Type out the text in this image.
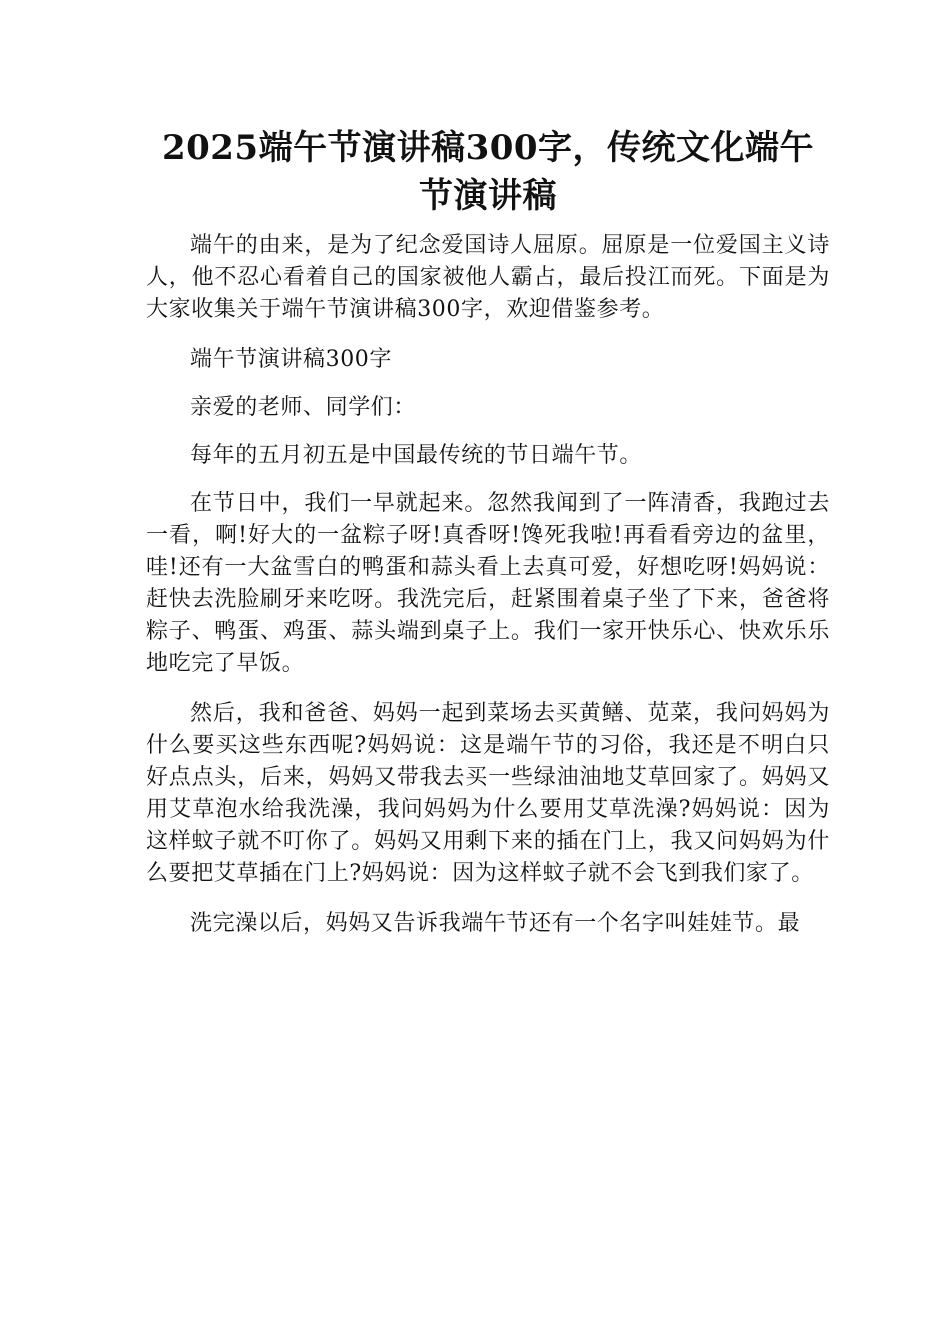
2025端午节演讲稿300字，传统文化端午
节演讲稿

端午的由来，是为了纪念爱国诗人屈原。屈原是一位爱国主义诗人，他不忍心看着自己的国家被他人霸占，最后投江而死。下面是为大家收集关于端午节演讲稿300字，欢迎借鉴参考。

端午节演讲稿300字

亲爱的老师、同学们：

每年的五月初五是中国最传统的节日端午节。

在节日中，我们一早就起来。忽然我闻到了一阵清香，我跑过去一看，啊!好大的一盆粽子呀!真香呀!馋死我啦!再看看旁边的盆里，哇!还有一大盆雪白的鸭蛋和蒜头看上去真可爱，好想吃呀!妈妈说：赶快去洗脸刷牙来吃呀。我洗完后，赶紧围着桌子坐了下来，爸爸将粽子、鸭蛋、鸡蛋、蒜头端到桌子上。我们一家开快乐心、快欢乐乐地吃完了早饭。

然后，我和爸爸、妈妈一起到菜场去买黄鳝、苋菜，我问妈妈为什么要买这些东西呢?妈妈说：这是端午节的习俗，我还是不明白只好点点头，后来，妈妈又带我去买一些绿油油地艾草回家了。妈妈又用艾草泡水给我洗澡，我问妈妈为什么要用艾草洗澡?妈妈说：因为这样蚊子就不叮你了。妈妈又用剩下来的插在门上，我又问妈妈为什么要把艾草插在门上?妈妈说：因为这样蚊子就不会飞到我们家了。

洗完澡以后，妈妈又告诉我端午节还有一个名字叫娃娃节。最
